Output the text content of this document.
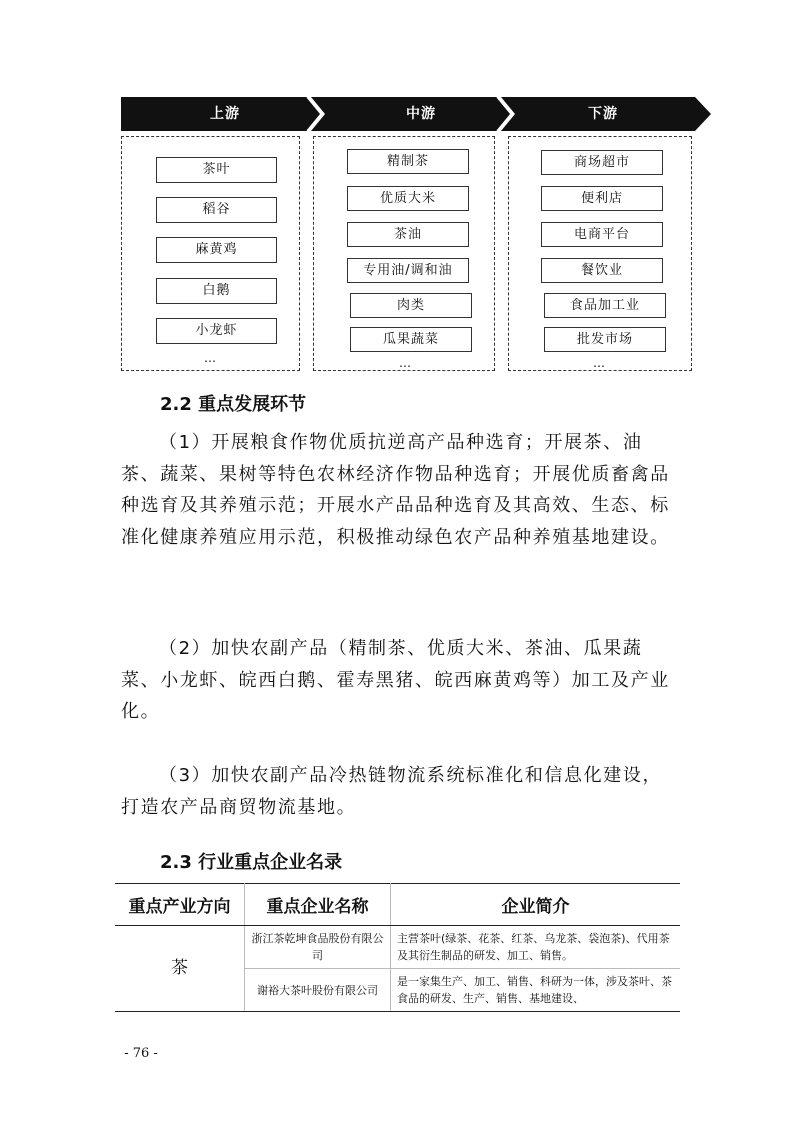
上游	中游	下游
茶叶
稻谷
麻黄鸡
白鹅
小龙虾
…
精制茶
优质大米
茶油
专用油/调和油
肉类
瓜果蔬菜
…
商场超市
便利店
电商平台
餐饮业
食品加工业
批发市场
…
2.2 重点发展环节
（1）开展粮食作物优质抗逆高产品种选育；开展茶、油茶、蔬菜、果树等特色农林经济作物品种选育；开展优质畜禽品种选育及其养殖示范；开展水产品品种选育及其高效、生态、标准化健康养殖应用示范，积极推动绿色农产品种养殖基地建设。
（2）加快农副产品（精制茶、优质大米、茶油、瓜果蔬菜、小龙虾、皖西白鹅、霍寿黑猪、皖西麻黄鸡等）加工及产业化。
（3）加快农副产品冷热链物流系统标准化和信息化建设，打造农产品商贸物流基地。
2.3 行业重点企业名录
重点产业方向	重点企业名称	企业简介
茶	浙江茶乾坤食品股份有限公司	主营茶叶(绿茶、花茶、红茶、乌龙茶、袋泡茶)、代用茶及其衍生制品的研发、加工、销售。
	谢裕大茶叶股份有限公司	是一家集生产、加工、销售、科研为一体，涉及茶叶、茶食品的研发、生产、销售、基地建设、
- 76 -
